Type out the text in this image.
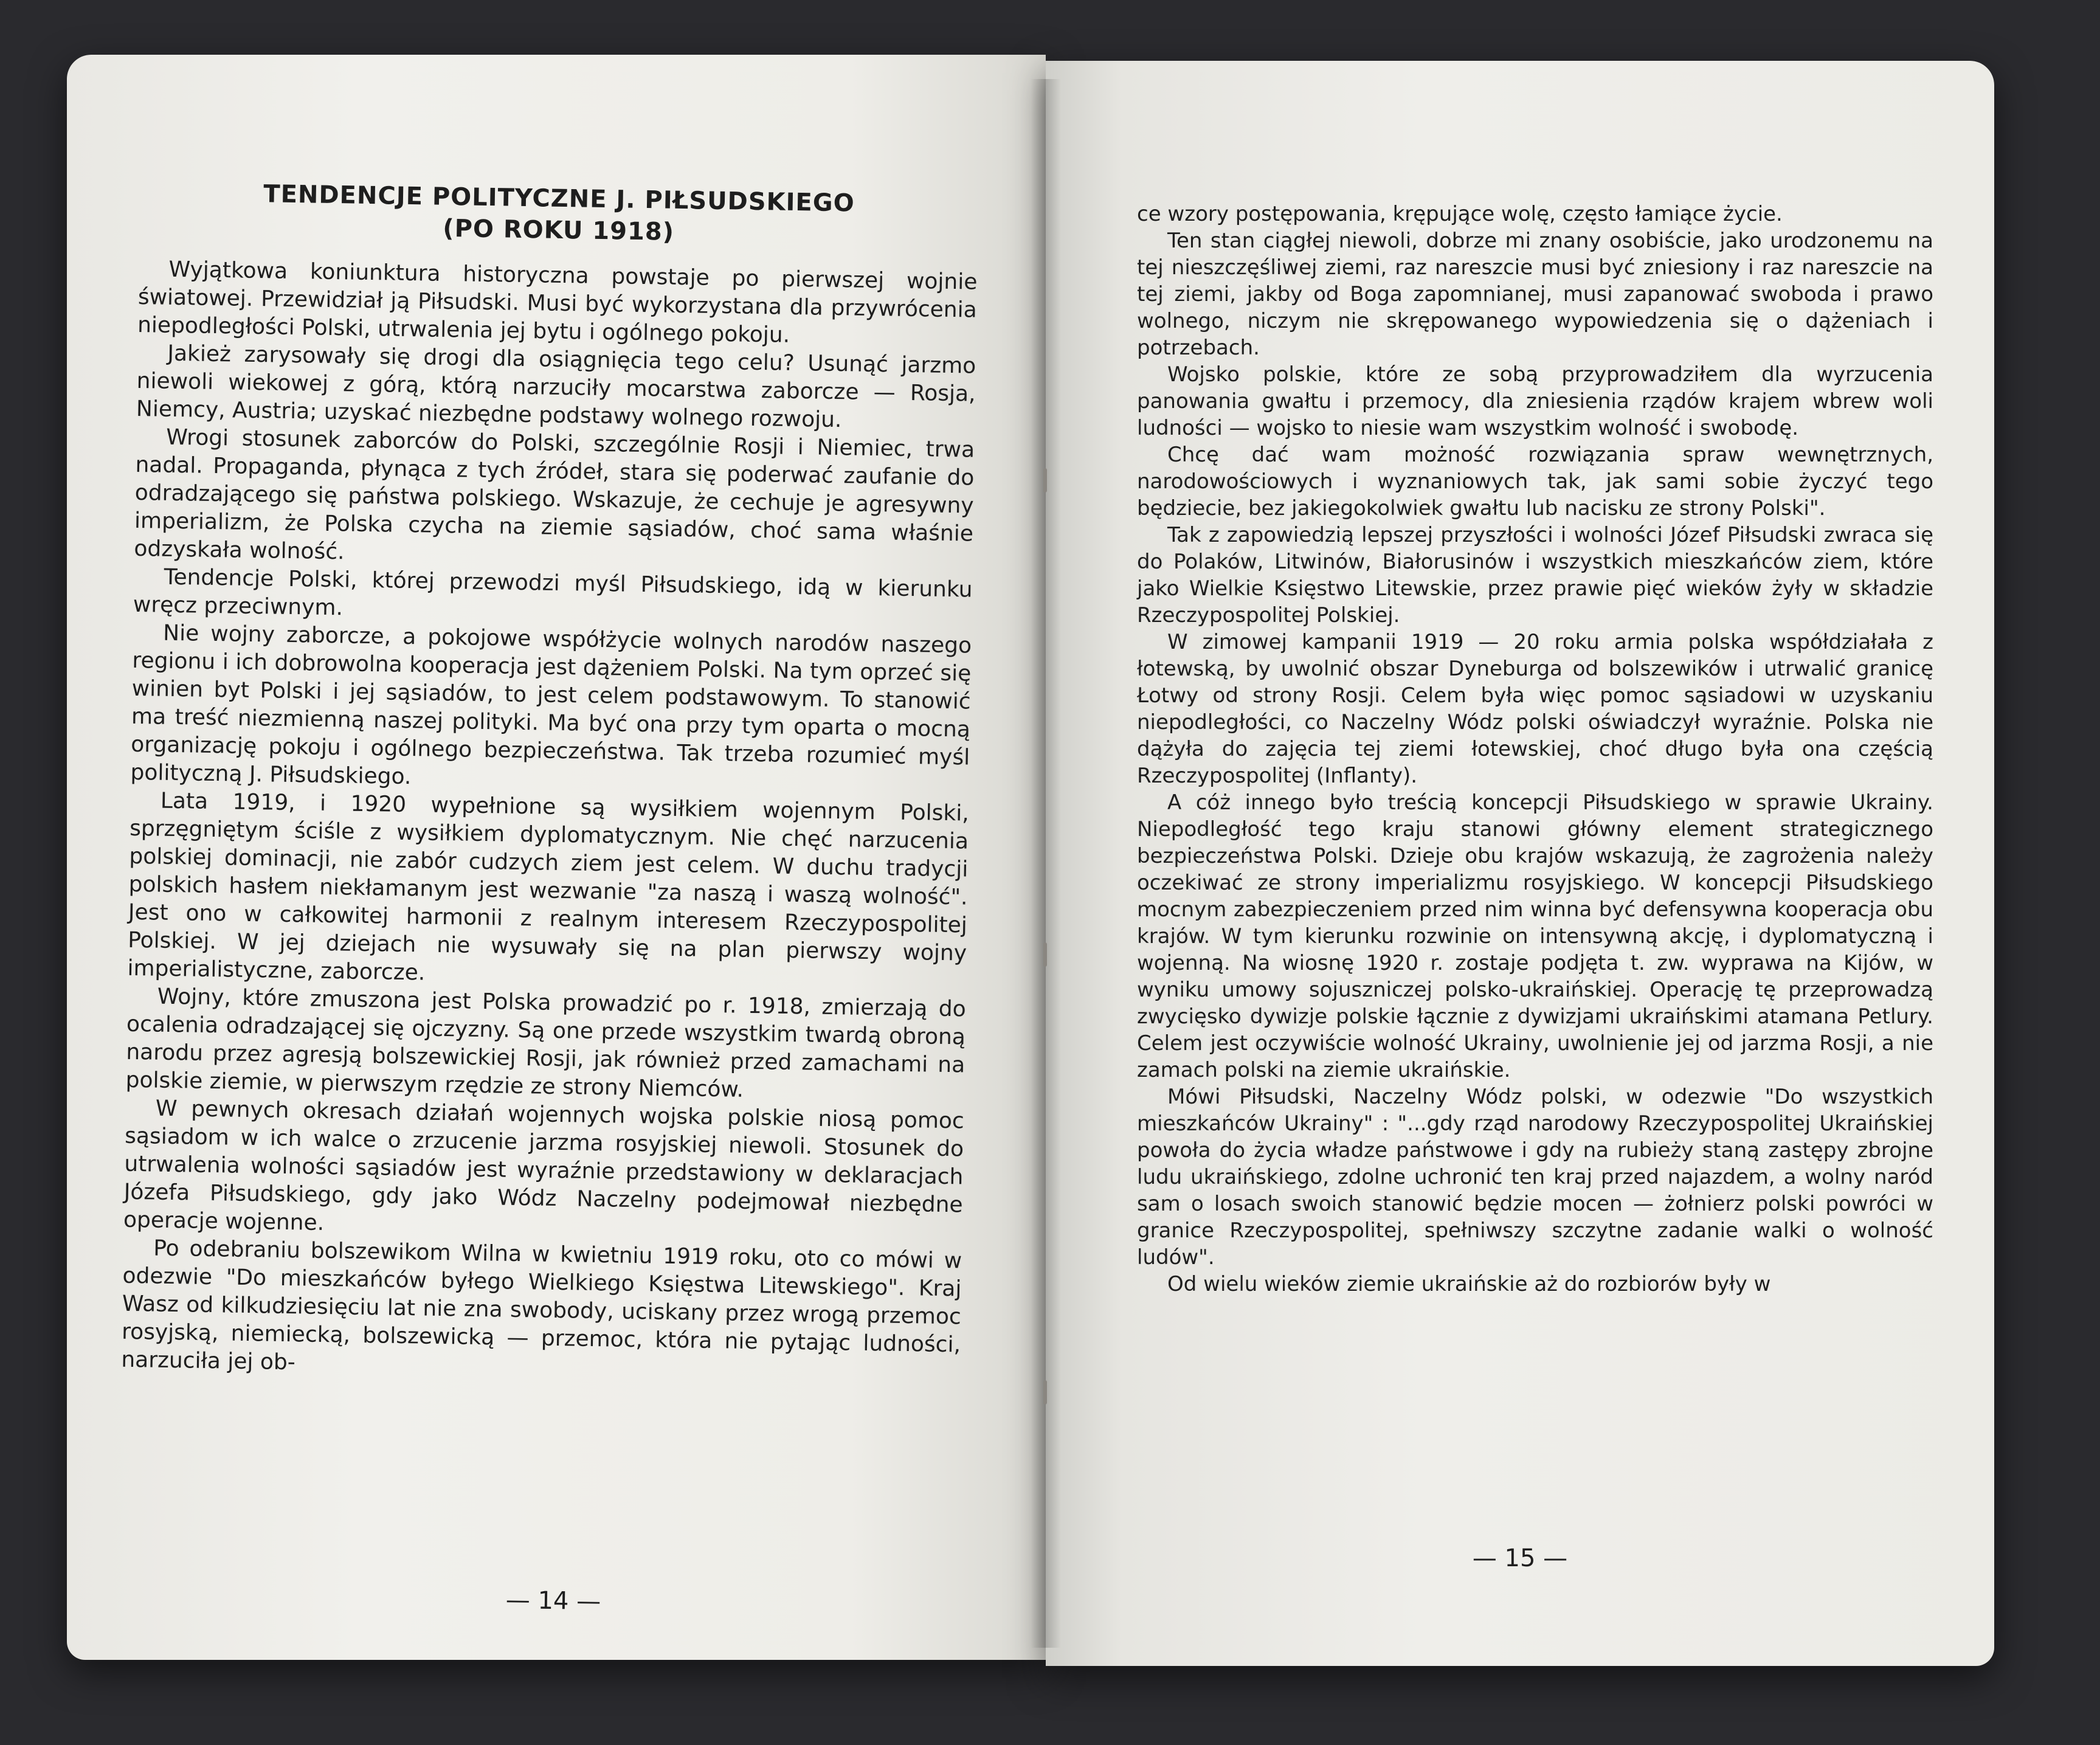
TENDENCJE POLITYCZNE J. PIŁSUDSKIEGO
(PO ROKU 1918)

Wyjątkowa koniunktura historyczna powstaje po pierwszej wojnie światowej. Przewidział ją Piłsudski. Musi być wykorzystana dla przywrócenia niepodległości Polski, utrwalenia jej bytu i ogólnego pokoju.

Jakież zarysowały się drogi dla osiągnięcia tego celu? Usunąć jarzmo niewoli wiekowej z górą, którą narzuciły mocarstwa zaborcze — Rosja, Niemcy, Austria; uzyskać niezbędne podstawy wolnego rozwoju.

Wrogi stosunek zaborców do Polski, szczególnie Rosji i Niemiec, trwa nadal. Propaganda, płynąca z tych źródeł, stara się poderwać zaufanie do odradzającego się państwa polskiego. Wskazuje, że cechuje je agresywny imperializm, że Polska czycha na ziemie sąsiadów, choć sama właśnie odzyskała wolność.

Tendencje Polski, której przewodzi myśl Piłsudskiego, idą w kierunku wręcz przeciwnym.

Nie wojny zaborcze, a pokojowe współżycie wolnych narodów naszego regionu i ich dobrowolna kooperacja jest dążeniem Polski. Na tym oprzeć się winien byt Polski i jej sąsiadów, to jest celem podstawowym. To stanowić ma treść niezmienną naszej polityki. Ma być ona przy tym oparta o mocną organizację pokoju i ogólnego bezpieczeństwa. Tak trzeba rozumieć myśl polityczną J. Piłsudskiego.

Lata 1919, i 1920 wypełnione są wysiłkiem wojennym Polski, sprzęgniętym ściśle z wysiłkiem dyplomatycznym. Nie chęć narzucenia polskiej dominacji, nie zabór cudzych ziem jest celem. W duchu tradycji polskich hasłem niekłamanym jest wezwanie "za naszą i waszą wolność". Jest ono w całkowitej harmonii z realnym interesem Rzeczypospolitej Polskiej. W jej dziejach nie wysuwały się na plan pierwszy wojny imperialistyczne, zaborcze.

Wojny, które zmuszona jest Polska prowadzić po r. 1918, zmierzają do ocalenia odradzającej się ojczyzny. Są one przede wszystkim twardą obroną narodu przez agresją bolszewickiej Rosji, jak również przed zamachami na polskie ziemie, w pierwszym rzędzie ze strony Niemców.

W pewnych okresach działań wojennych wojska polskie niosą pomoc sąsiadom w ich walce o zrzucenie jarzma rosyjskiej niewoli. Stosunek do utrwalenia wolności sąsiadów jest wyraźnie przedstawiony w deklaracjach Józefa Piłsudskiego, gdy jako Wódz Naczelny podejmował niezbędne operacje wojenne.

Po odebraniu bolszewikom Wilna w kwietniu 1919 roku, oto co mówi w odezwie "Do mieszkańców byłego Wielkiego Księstwa Litewskiego". Kraj Wasz od kilkudziesięciu lat nie zna swobody, uciskany przez wrogą przemoc rosyjską, niemiecką, bolszewicką — przemoc, która nie pytając ludności, narzuciła jej ob-

— 14 —

ce wzory postępowania, krępujące wolę, często łamiące życie.

Ten stan ciągłej niewoli, dobrze mi znany osobiście, jako urodzonemu na tej nieszczęśliwej ziemi, raz nareszcie musi być zniesiony i raz nareszcie na tej ziemi, jakby od Boga zapomnianej, musi zapanować swoboda i prawo wolnego, niczym nie skrępowanego wypowiedzenia się o dążeniach i potrzebach.

Wojsko polskie, które ze sobą przyprowadziłem dla wyrzucenia panowania gwałtu i przemocy, dla zniesienia rządów krajem wbrew woli ludności — wojsko to niesie wam wszystkim wolność i swobodę.

Chcę dać wam możność rozwiązania spraw wewnętrznych, narodowościowych i wyznaniowych tak, jak sami sobie życzyć tego będziecie, bez jakiegokolwiek gwałtu lub nacisku ze strony Polski".

Tak z zapowiedzią lepszej przyszłości i wolności Józef Piłsudski zwraca się do Polaków, Litwinów, Białorusinów i wszystkich mieszkańców ziem, które jako Wielkie Księstwo Litewskie, przez prawie pięć wieków żyły w składzie Rzeczypospolitej Polskiej.

W zimowej kampanii 1919 — 20 roku armia polska współdziałała z łotewską, by uwolnić obszar Dyneburga od bolszewików i utrwalić granicę Łotwy od strony Rosji. Celem była więc pomoc sąsiadowi w uzyskaniu niepodległości, co Naczelny Wódz polski oświadczył wyraźnie. Polska nie dążyła do zajęcia tej ziemi łotewskiej, choć długo była ona częścią Rzeczypospolitej (Inflanty).

A cóż innego było treścią koncepcji Piłsudskiego w sprawie Ukrainy. Niepodległość tego kraju stanowi główny element strategicznego bezpieczeństwa Polski. Dzieje obu krajów wskazują, że zagrożenia należy oczekiwać ze strony imperializmu rosyjskiego. W koncepcji Piłsudskiego mocnym zabezpieczeniem przed nim winna być defensywna kooperacja obu krajów. W tym kierunku rozwinie on intensywną akcję, i dyplomatyczną i wojenną. Na wiosnę 1920 r. zostaje podjęta t. zw. wyprawa na Kijów, w wyniku umowy sojuszniczej polsko-ukraińskiej. Operację tę przeprowadzą zwycięsko dywizje polskie łącznie z dywizjami ukraińskimi atamana Petlury. Celem jest oczywiście wolność Ukrainy, uwolnienie jej od jarzma Rosji, a nie zamach polski na ziemie ukraińskie.

Mówi Piłsudski, Naczelny Wódz polski, w odezwie "Do wszystkich mieszkańców Ukrainy" : "...gdy rząd narodowy Rzeczypospolitej Ukraińskiej powoła do życia władze państwowe i gdy na rubieży staną zastępy zbrojne ludu ukraińskiego, zdolne uchronić ten kraj przed najazdem, a wolny naród sam o losach swoich stanowić będzie mocen — żołnierz polski powróci w granice Rzeczypospolitej, spełniwszy szczytne zadanie walki o wolność ludów".

Od wielu wieków ziemie ukraińskie aż do rozbiorów były w

— 15 —
